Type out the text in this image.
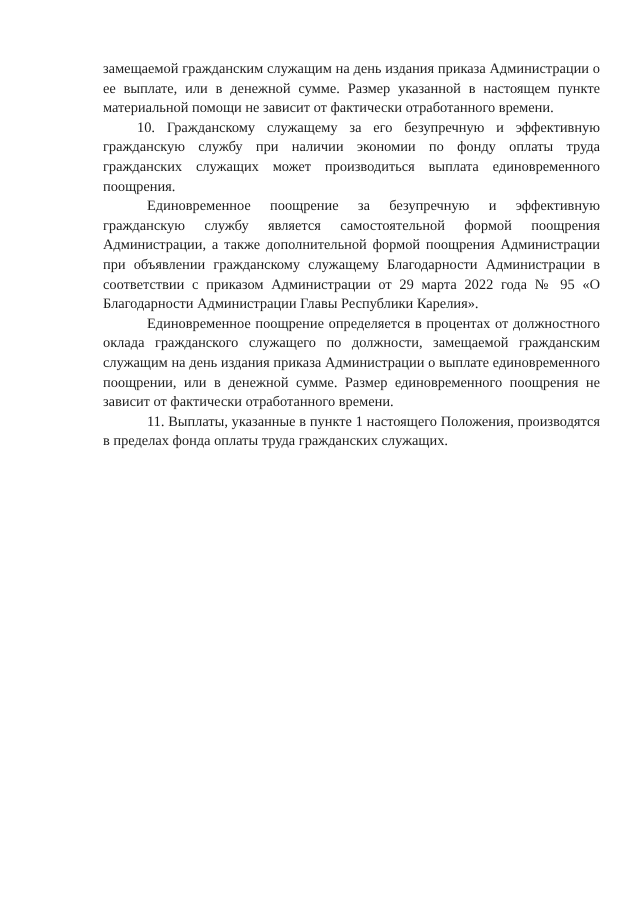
замещаемой гражданским служащим на день издания приказа Администрации о ее выплате, или в денежной сумме. Размер указанной в настоящем пункте материальной помощи не зависит от фактически отработанного времени.

10. Гражданскому служащему за его безупречную и эффективную гражданскую службу при наличии экономии по фонду оплаты труда гражданских служащих может производиться выплата единовременного поощрения.

Единовременное поощрение за безупречную и эффективную гражданскую службу является самостоятельной формой поощрения Администрации, а также дополнительной формой поощрения Администрации при объявлении гражданскому служащему Благодарности Администрации в соответствии с приказом Администрации от 29 марта 2022 года № 95 «О Благодарности Администрации Главы Республики Карелия».

Единовременное поощрение определяется в процентах от должностного оклада гражданского служащего по должности, замещаемой гражданским служащим на день издания приказа Администрации о выплате единовременного поощрении, или в денежной сумме. Размер единовременного поощрения не зависит от фактически отработанного времени.

11. Выплаты, указанные в пункте 1 настоящего Положения, производятся в пределах фонда оплаты труда гражданских служащих.
